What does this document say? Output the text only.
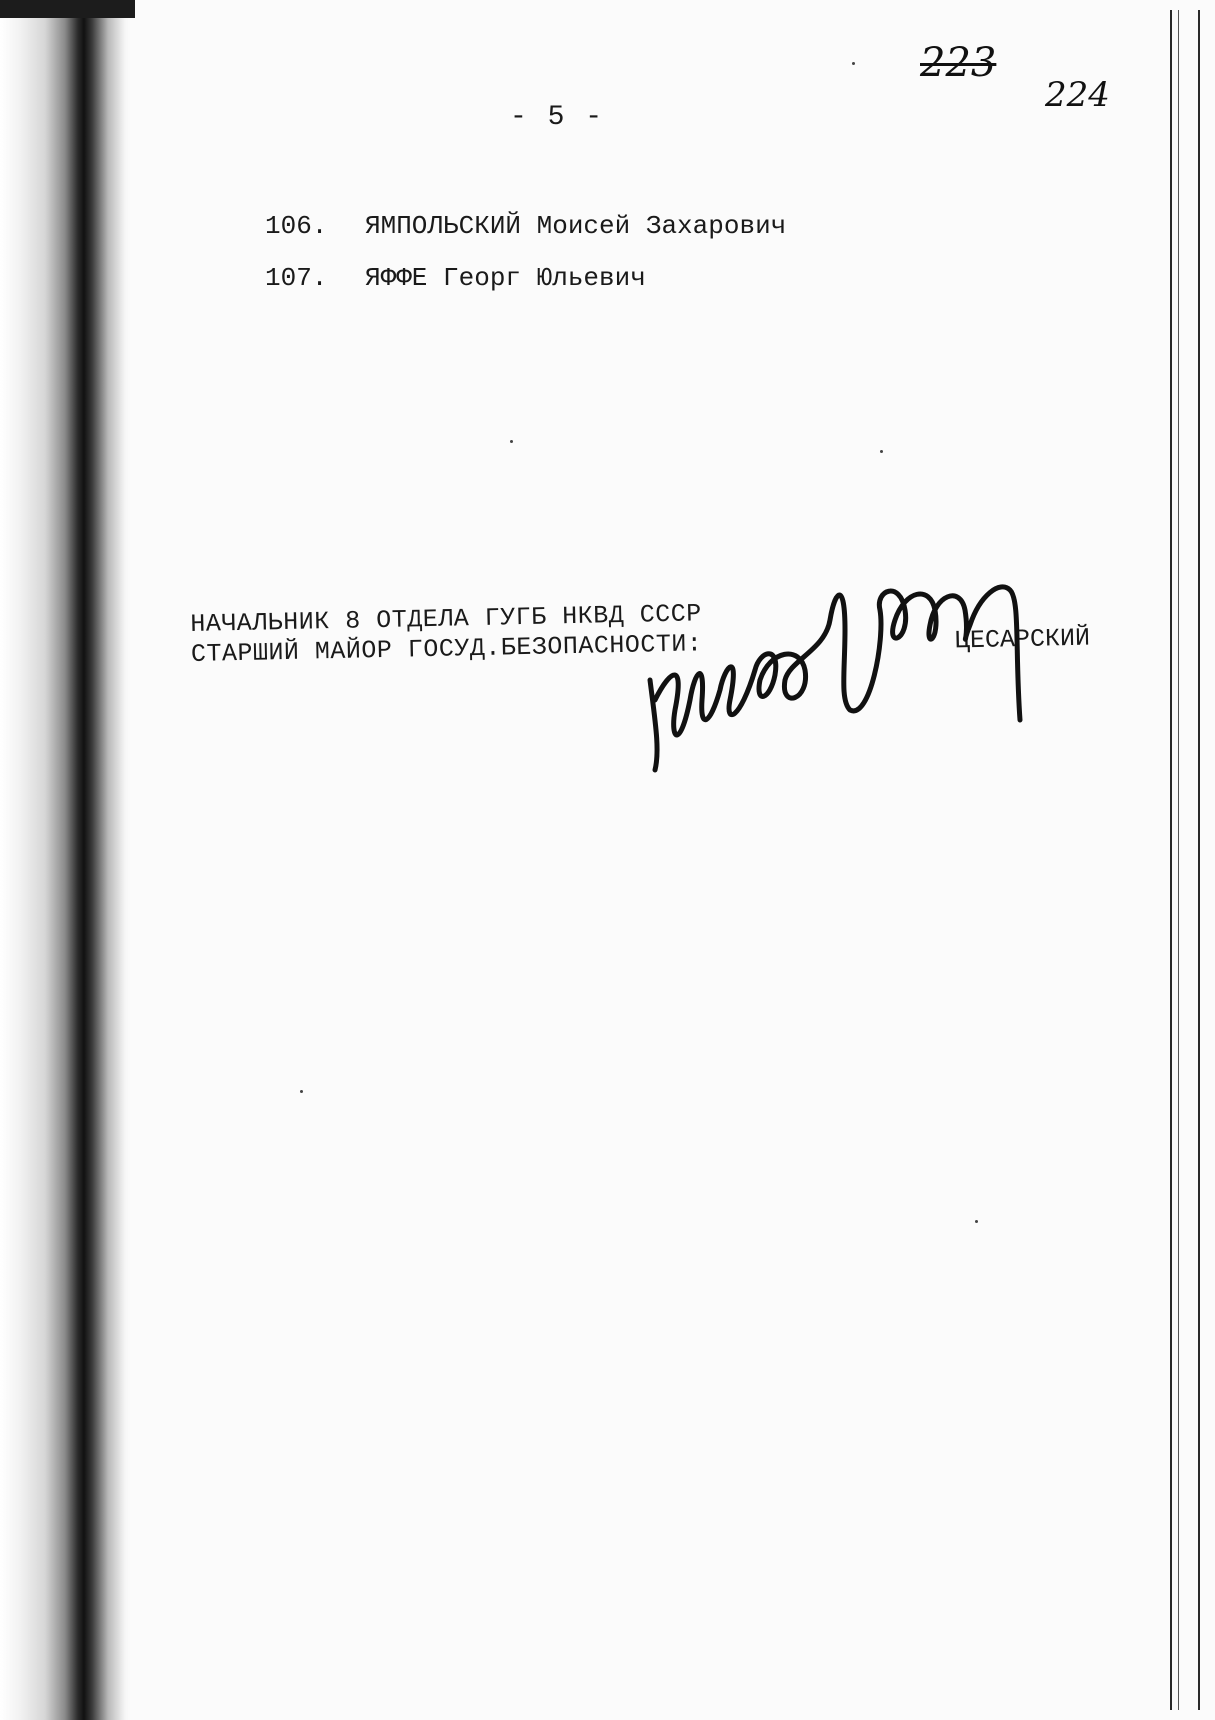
223
224
- 5 -
106.	ЯМПОЛЬСКИЙ Моисей Захарович
107.	ЯФФЕ Георг Юльевич
НАЧАЛЬНИК 8 ОТДЕЛА ГУГБ НКВД СССР
СТАРШИЙ МАЙОР ГОСУД.БЕЗОПАСНОСТИ:	ЦЕСАРСКИЙ
